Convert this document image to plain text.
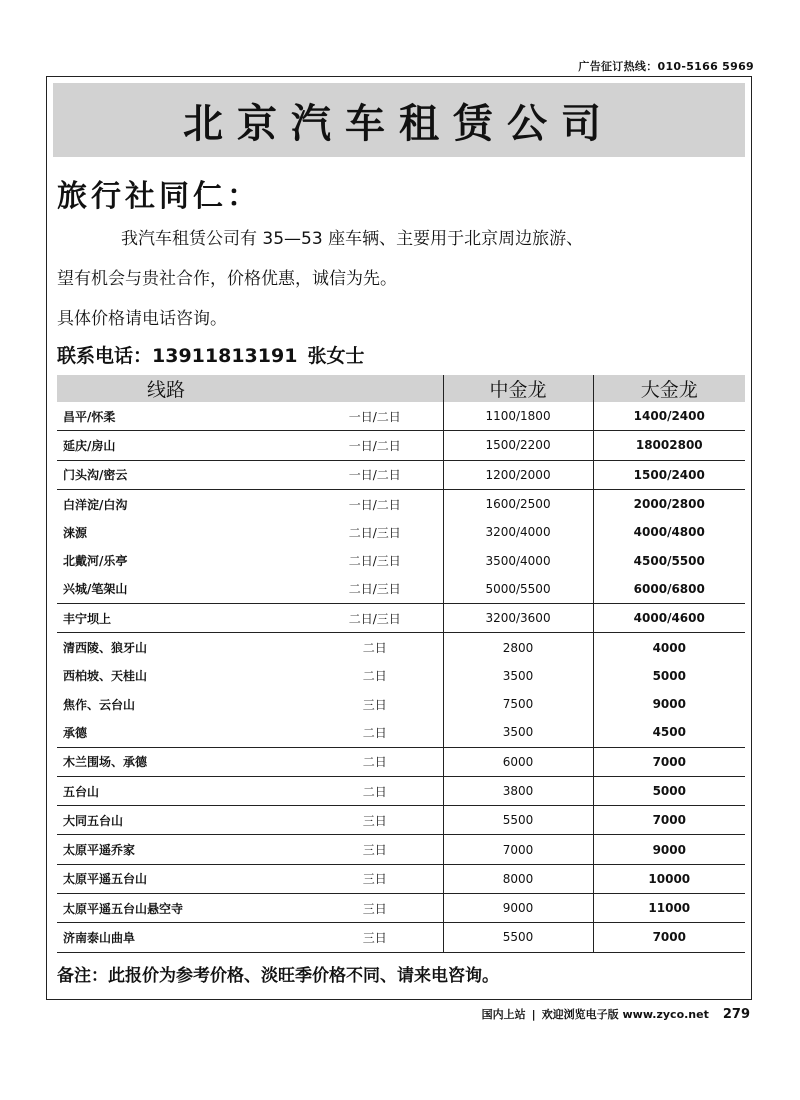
广告征订热线：010-5166 5969
北京汽车租赁公司
旅行社同仁：

我汽车租赁公司有 35—53 座车辆、主要用于北京周边旅游、

望有机会与贵社合作，价格优惠，诚信为先。

具体价格请电话咨询。

联系电话：13911813191 张女士
线路		中金龙	大金龙
昌平/怀柔	一日/二日	1100/1800	1400/2400
延庆/房山	一日/二日	1500/2200	18002800
门头沟/密云	一日/二日	1200/2000	1500/2400
白洋淀/白沟	一日/二日	1600/2500	2000/2800
涞源	二日/三日	3200/4000	4000/4800
北戴河/乐亭	二日/三日	3500/4000	4500/5500
兴城/笔架山	二日/三日	5000/5500	6000/6800
丰宁坝上	二日/三日	3200/3600	4000/4600
清西陵、狼牙山	二日	2800	4000
西柏坡、天桂山	二日	3500	5000
焦作、云台山	三日	7500	9000
承德	二日	3500	4500
木兰围场、承德	二日	6000	7000
五台山	二日	3800	5000
大同五台山	三日	5500	7000
太原平遥乔家	三日	7000	9000
太原平遥五台山	三日	8000	10000
太原平遥五台山悬空寺	三日	9000	11000
济南泰山曲阜	三日	5500	7000
备注：此报价为参考价格、淡旺季价格不同、请来电咨询。
国内上站 | 欢迎浏览电子版 www.zyco.net 279
